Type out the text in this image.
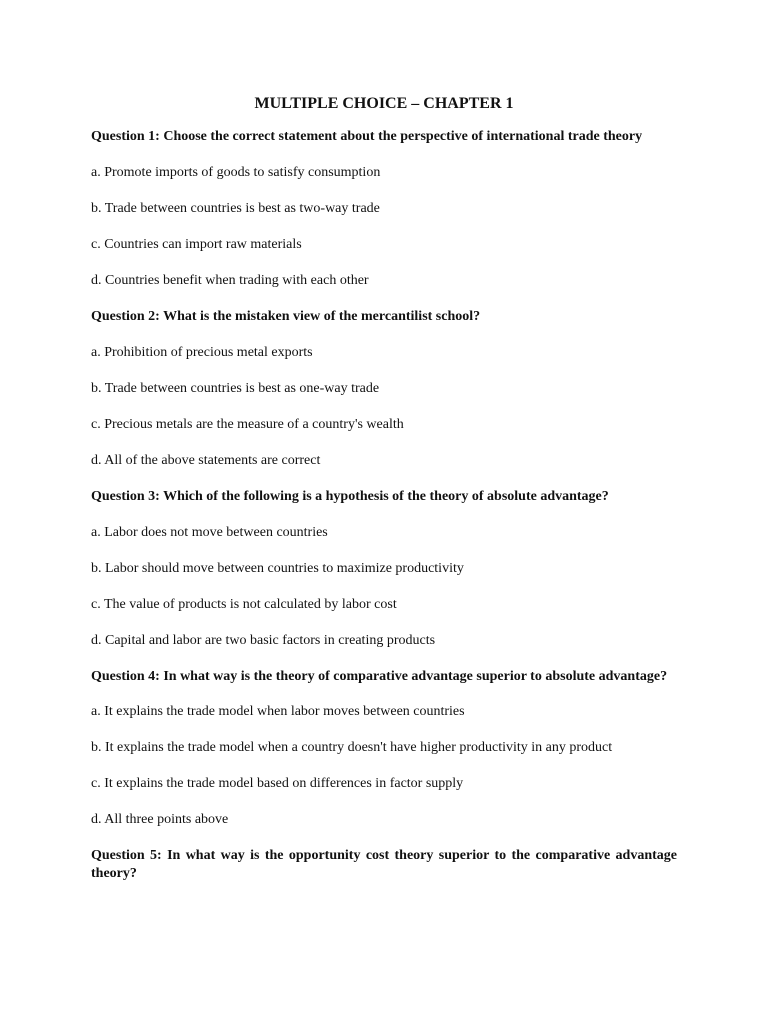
MULTIPLE CHOICE – CHAPTER 1
Question 1: Choose the correct statement about the perspective of international trade theory
a. Promote imports of goods to satisfy consumption
b. Trade between countries is best as two-way trade
c. Countries can import raw materials
d. Countries benefit when trading with each other
Question 2: What is the mistaken view of the mercantilist school?
a. Prohibition of precious metal exports
b. Trade between countries is best as one-way trade
c. Precious metals are the measure of a country's wealth
d. All of the above statements are correct
Question 3: Which of the following is a hypothesis of the theory of absolute advantage?
a. Labor does not move between countries
b. Labor should move between countries to maximize productivity
c. The value of products is not calculated by labor cost
d. Capital and labor are two basic factors in creating products
Question 4: In what way is the theory of comparative advantage superior to absolute advantage?
a. It explains the trade model when labor moves between countries
b. It explains the trade model when a country doesn't have higher productivity in any product
c. It explains the trade model based on differences in factor supply
d. All three points above
Question 5: In what way is the opportunity cost theory superior to the comparative advantage theory?
